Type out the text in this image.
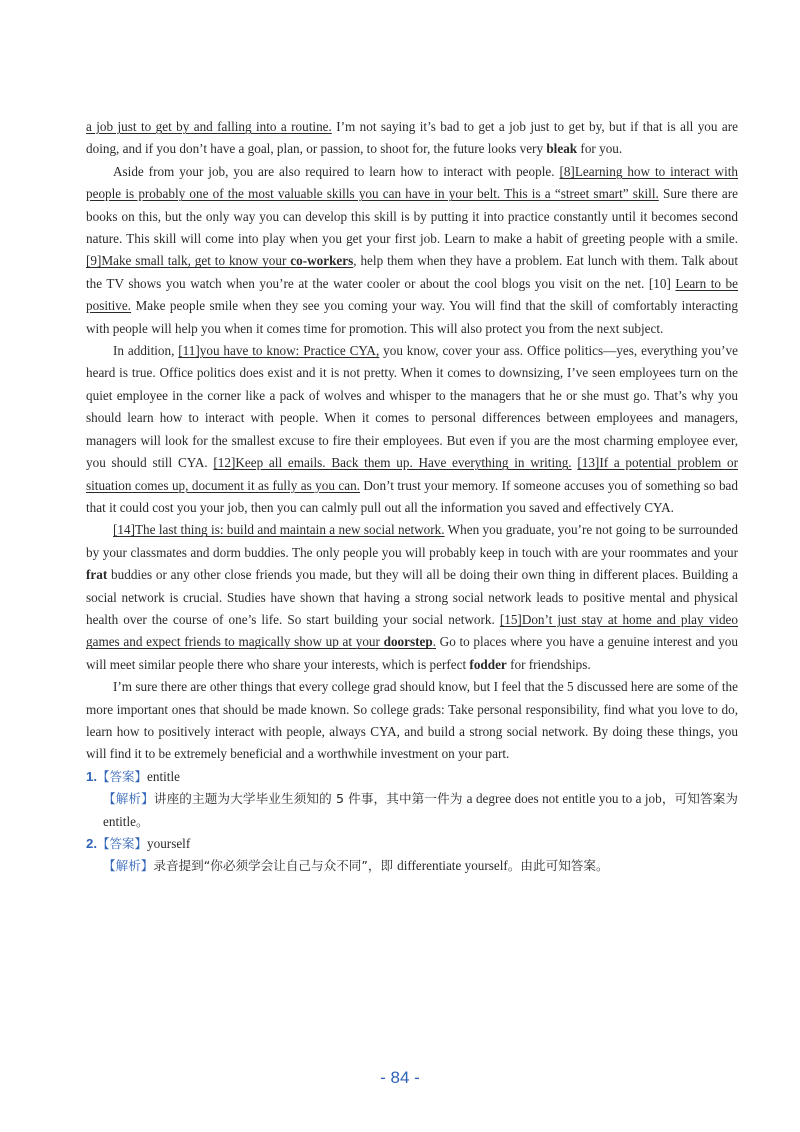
a job just to get by and falling into a routine. I’m not saying it’s bad to get a job just to get by, but if that is all you are doing, and if you don’t have a goal, plan, or passion, to shoot for, the future looks very bleak for you.

Aside from your job, you are also required to learn how to interact with people. [8]Learning how to interact with people is probably one of the most valuable skills you can have in your belt. This is a “street smart” skill. Sure there are books on this, but the only way you can develop this skill is by putting it into practice constantly until it becomes second nature. This skill will come into play when you get your first job. Learn to make a habit of greeting people with a smile. [9]Make small talk, get to know your co-workers, help them when they have a problem. Eat lunch with them. Talk about the TV shows you watch when you’re at the water cooler or about the cool blogs you visit on the net. [10] Learn to be positive. Make people smile when they see you coming your way. You will find that the skill of comfortably interacting with people will help you when it comes time for promotion. This will also protect you from the next subject.

In addition, [11]you have to know: Practice CYA, you know, cover your ass. Office politics—yes, everything you’ve heard is true. Office politics does exist and it is not pretty. When it comes to downsizing, I’ve seen employees turn on the quiet employee in the corner like a pack of wolves and whisper to the managers that he or she must go. That’s why you should learn how to interact with people. When it comes to personal differences between employees and managers, managers will look for the smallest excuse to fire their employees. But even if you are the most charming employee ever, you should still CYA. [12]Keep all emails. Back them up. Have everything in writing. [13]If a potential problem or situation comes up, document it as fully as you can. Don’t trust your memory. If someone accuses you of something so bad that it could cost you your job, then you can calmly pull out all the information you saved and effectively CYA.

[14]The last thing is: build and maintain a new social network. When you graduate, you’re not going to be surrounded by your classmates and dorm buddies. The only people you will probably keep in touch with are your roommates and your frat buddies or any other close friends you made, but they will all be doing their own thing in different places. Building a social network is crucial. Studies have shown that having a strong social network leads to positive mental and physical health over the course of one’s life. So start building your social network. [15]Don’t just stay at home and play video games and expect friends to magically show up at your doorstep. Go to places where you have a genuine interest and you will meet similar people there who share your interests, which is perfect fodder for friendships.

I’m sure there are other things that every college grad should know, but I feel that the 5 discussed here are some of the more important ones that should be made known. So college grads: Take personal responsibility, find what you love to do, learn how to positively interact with people, always CYA, and build a strong social network. By doing these things, you will find it to be extremely beneficial and a worthwhile investment on your part.

1.【答案】entitle

【解析】讲座的主题为大学毕业生须知的 5 件事，其中第一件为 a degree does not entitle you to a job，可知答案为 entitle。

2.【答案】yourself

【解析】录音提到“你必须学会让自己与众不同”，即 differentiate yourself。由此可知答案。

- 84 -
